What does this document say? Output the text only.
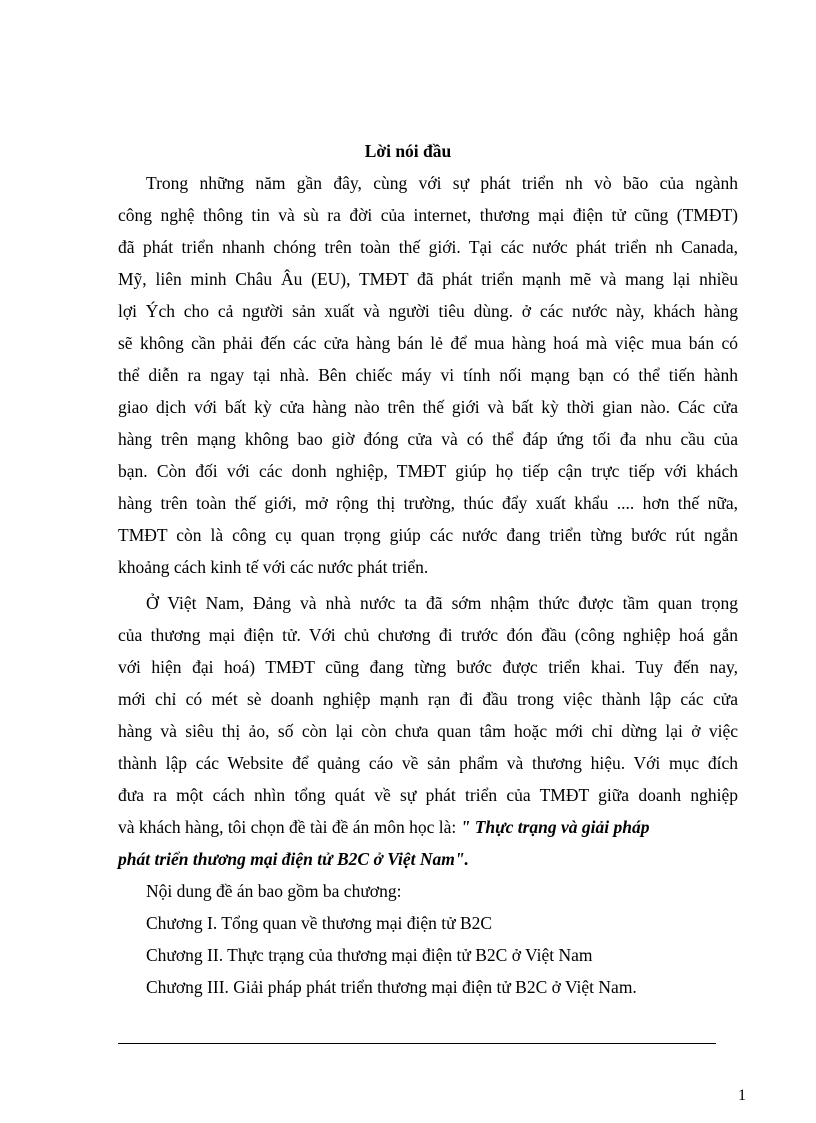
Lời nói đầu
Trong những năm gần đây, cùng với sự phát triển nh vò bão của ngành
công nghệ thông tin và sù ra đời của internet, thương mại điện tử cũng (TMĐT)
đã phát triển nhanh chóng trên toàn thế giới. Tại các nước phát triển nh Canada,
Mỹ, liên minh Châu Âu (EU), TMĐT đã phát triển mạnh mẽ và mang lại nhiều
lợi Ých cho cả người sản xuất và người tiêu dùng. ở các nước này, khách hàng
sẽ không cần phải đến các cửa hàng bán lẻ để mua hàng hoá mà việc mua bán có
thể diễn ra ngay tại nhà. Bên chiếc máy vi tính nối mạng bạn có thể tiến hành
giao dịch với bất kỳ cửa hàng nào trên thế giới và bất kỳ thời gian nào. Các cửa
hàng trên mạng không bao giờ đóng cửa và có thể đáp ứng tối đa nhu cầu của
bạn. Còn đối với các donh nghiệp, TMĐT giúp họ tiếp cận trực tiếp với khách
hàng trên toàn thế giới, mở rộng thị trường, thúc đẩy xuất khẩu .... hơn thế nữa,
TMĐT còn là công cụ quan trọng giúp các nước đang triển từng bước rút ngắn
khoảng cách kinh tế với các nước phát triển.
Ở Việt Nam, Đảng và nhà nước ta đã sớm nhậm thức được tầm quan trọng
của thương mại điện tử. Với chủ chương đi trước đón đầu (công nghiệp hoá gắn
với hiện đại hoá) TMĐT cũng đang từng bước được triển khai. Tuy đến nay,
mới chỉ có mét sè doanh nghiệp mạnh rạn đi đầu trong việc thành lập các cửa
hàng và siêu thị ảo, số còn lại còn chưa quan tâm hoặc mới chỉ dừng lại ở việc
thành lập các Website để quảng cáo về sản phẩm và thương hiệu. Với mục đích
đưa ra một cách nhìn tổng quát về sự phát triển của TMĐT giữa doanh nghiệp
và khách hàng, tôi chọn đề tài đề án môn học là: " Thực trạng và giải pháp
phát triển thương mại điện tử B2C ở Việt Nam".
Nội dung đề án bao gồm ba chương:
Chương I. Tổng quan về thương mại điện tử B2C
Chương II. Thực trạng của thương mại điện tử B2C ở Việt Nam
Chương III. Giải pháp phát triển thương mại điện tử B2C ở Việt Nam.
1
